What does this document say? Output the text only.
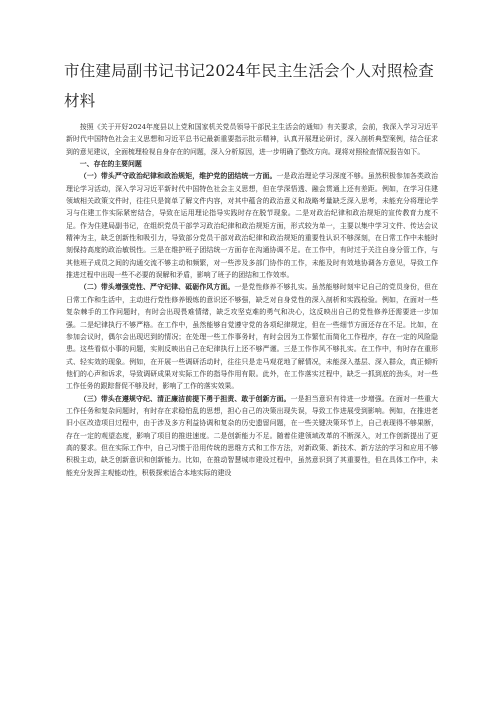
市住建局副书记书记2024年民主生活会个人对照检查材料

按照《关于开好2024年度县以上党和国家机关党员领导干部民主生活会的通知》有关要求，会前，我深入学习习近平新时代中国特色社会主义思想和习近平总书记最新重要指示批示精神，认真开展理论研讨，深入剖析典型案例，结合征求到的意见建议，全面梳理检视自身存在的问题，深入分析原因，进一步明确了整改方向。现将对照检查情况报告如下。

一、存在的主要问题

（一）带头严守政治纪律和政治规矩，维护党的团结统一方面。一是政治理论学习深度不够。虽然积极参加各类政治理论学习活动，深入学习习近平新时代中国特色社会主义思想，但在学深悟透、融会贯通上还有差距。例如，在学习住建领域相关政策文件时，往往只是简单了解文件内容，对其中蕴含的政治意义和战略考量缺乏深入思考，未能充分将理论学习与住建工作实际紧密结合，导致在运用理论指导实践时存在脱节现象。二是对政治纪律和政治规矩的宣传教育力度不足。作为住建局副书记，在组织党员干部学习政治纪律和政治规矩方面，形式较为单一，主要以集中学习文件、传达会议精神为主，缺乏创新性和吸引力，导致部分党员干部对政治纪律和政治规矩的重要性认识不够深刻，在日常工作中未能时刻保持高度的政治敏锐性。三是在维护班子团结统一方面存在沟通协调不足。在工作中，有时过于关注自身分管工作，与其他班子成员之间的沟通交流不够主动和频繁，对一些涉及多部门协作的工作，未能及时有效地协调各方意见，导致工作推进过程中出现一些不必要的误解和矛盾，影响了班子的团结和工作效率。

（二）带头增强党性、严守纪律、砥砺作风方面。一是党性修养不够扎实。虽然能够时刻牢记自己的党员身份，但在日常工作和生活中，主动进行党性修养锻炼的意识还不够强，缺乏对自身党性的深入剖析和实践检验。例如，在面对一些复杂棘手的工作问题时，有时会出现畏难情绪，缺乏攻坚克难的勇气和决心，这反映出自己的党性修养还需要进一步加强。二是纪律执行不够严格。在工作中，虽然能够自觉遵守党的各项纪律规定，但在一些细节方面还存在不足。比如，在参加会议时，偶尔会出现迟到的情况；在处理一些工作事务时，有时会因为工作繁忙而简化工作程序，存在一定的风险隐患。这些看似小事的问题，实则反映出自己在纪律执行上还不够严谨。三是工作作风不够扎实。在工作中，有时存在重形式、轻实效的现象。例如，在开展一些调研活动时，往往只是走马观花地了解情况，未能深入基层、深入群众，真正倾听他们的心声和诉求，导致调研成果对实际工作的指导作用有限。此外，在工作落实过程中，缺乏一抓到底的劲头，对一些工作任务的跟踪督促不够及时，影响了工作的落实效果。

（三）带头在遵规守纪、清正廉洁前提下勇于担责、敢于创新方面。一是担当意识有待进一步增强。在面对一些重大工作任务和复杂问题时，有时存在求稳怕乱的思想，担心自己的决策出现失误，导致工作进展受到影响。例如，在推进老旧小区改造项目过程中，由于涉及多方利益协调和复杂的历史遗留问题，在一些关键决策环节上，自己表现得不够果断，存在一定的观望态度，影响了项目的推进速度。二是创新能力不足。随着住建领域改革的不断深入，对工作创新提出了更高的要求。但在实际工作中，自己习惯于沿用传统的思维方式和工作方法，对新政策、新技术、新方法的学习和应用不够积极主动，缺乏创新意识和创新能力。比如，在推动智慧城市建设过程中，虽然意识到了其重要性，但在具体工作中，未能充分发挥主观能动性，积极探索适合本地实际的建设
